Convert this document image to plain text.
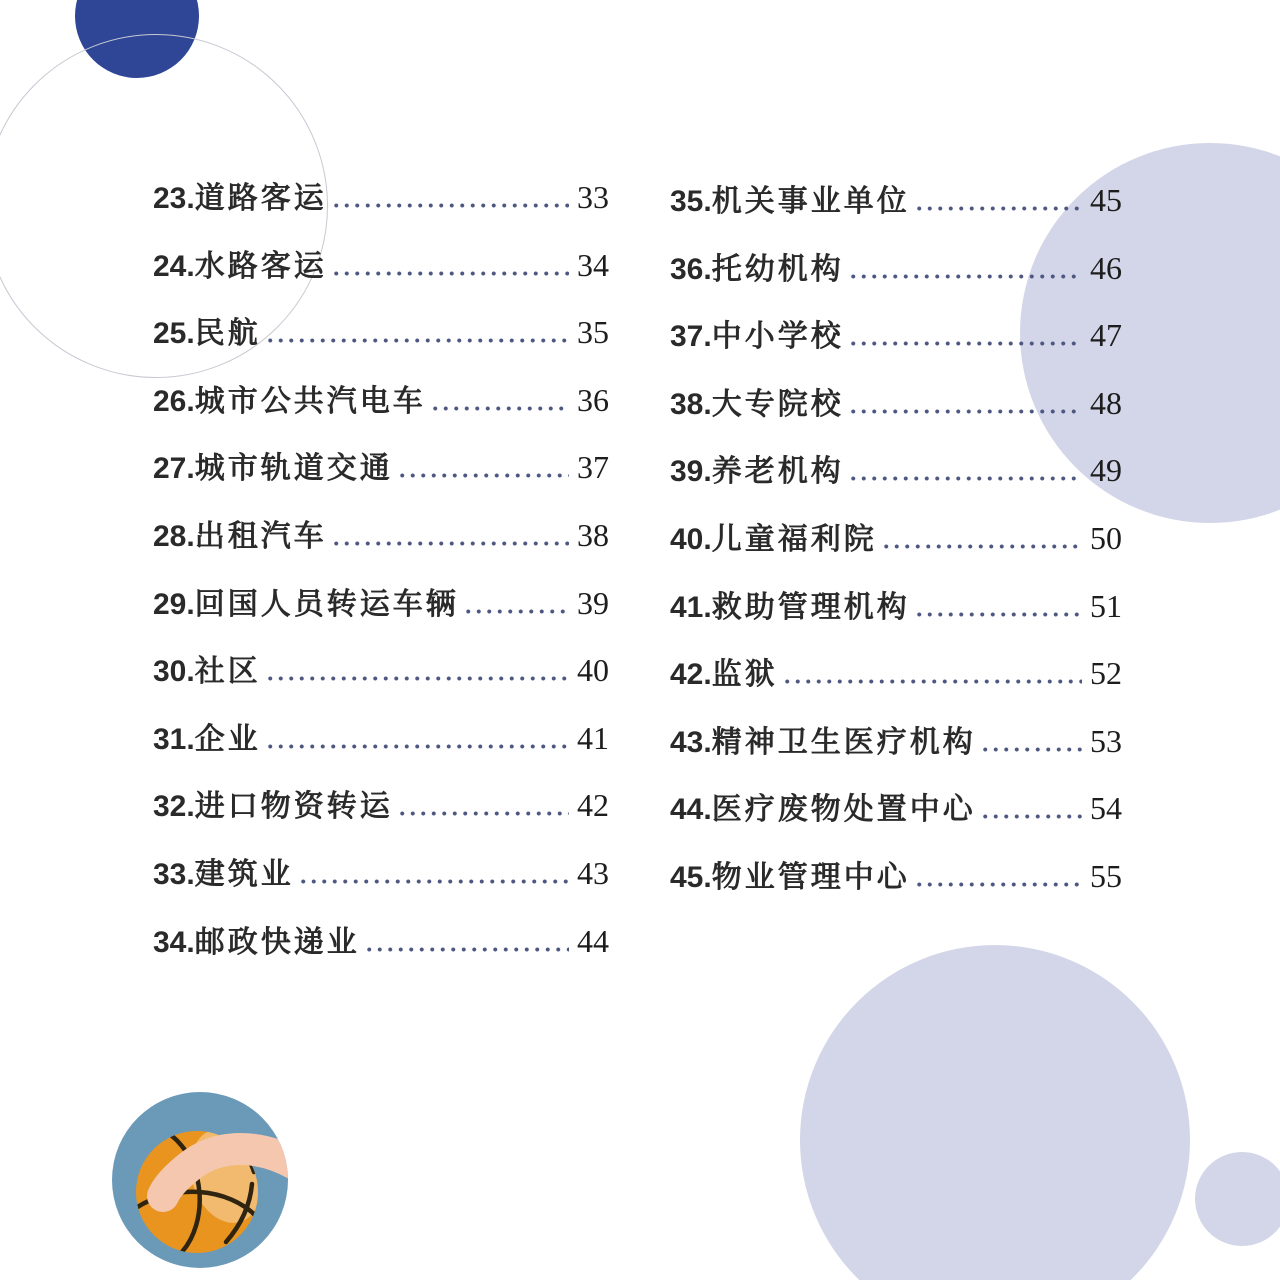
23. 道路客运	33
24. 水路客运	34
25. 民航	35
26. 城市公共汽电车	36
27. 城市轨道交通	37
28. 出租汽车	38
29. 回国人员转运车辆	39
30. 社区	40
31. 企业	41
32. 进口物资转运	42
33. 建筑业	43
34. 邮政快递业	44
35. 机关事业单位	45
36. 托幼机构	46
37. 中小学校	47
38. 大专院校	48
39. 养老机构	49
40. 儿童福利院	50
41. 救助管理机构	51
42. 监狱	52
43. 精神卫生医疗机构	53
44. 医疗废物处置中心	54
45. 物业管理中心	55
